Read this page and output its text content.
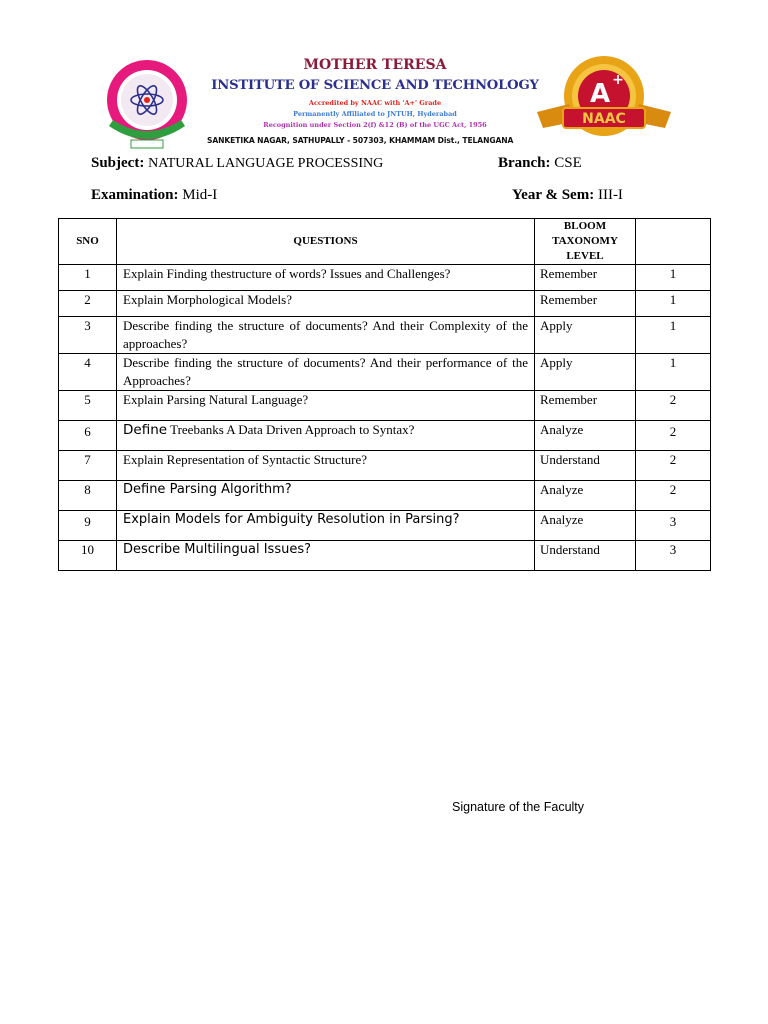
MOTHER TERESA
INSTITUTE OF SCIENCE AND TECHNOLOGY
Accredited by NAAC with 'A+' Grade
Permanently Affiliated to JNTUH, Hyderabad
Recognition under Section 2(f) &12 (B) of the UGC Act, 1956
SANKETIKA NAGAR, SATHUPALLY - 507303, KHAMMAM Dist., TELANGANA
A +
NAAC
Subject: NATURAL LANGUAGE PROCESSING	Branch: CSE
Examination: Mid-I	Year & Sem: III-I
SNO	QUESTIONS	BLOOM TAXONOMY LEVEL	
1	Explain Finding thestructure of words? Issues and Challenges?	Remember	1
2	Explain Morphological Models?	Remember	1
3	Describe finding the structure of documents? And their Complexity of the approaches?	Apply	1
4	Describe finding the structure of documents? And their performance of the Approaches?	Apply	1
5	Explain Parsing Natural Language?	Remember	2
6	Define Treebanks A Data Driven Approach to Syntax?	Analyze	2
7	Explain Representation of Syntactic Structure?	Understand	2
8	Define Parsing Algorithm?	Analyze	2
9	Explain Models for Ambiguity Resolution in Parsing?	Analyze	3
10	Describe Multilingual Issues?	Understand	3
Signature of the Faculty
